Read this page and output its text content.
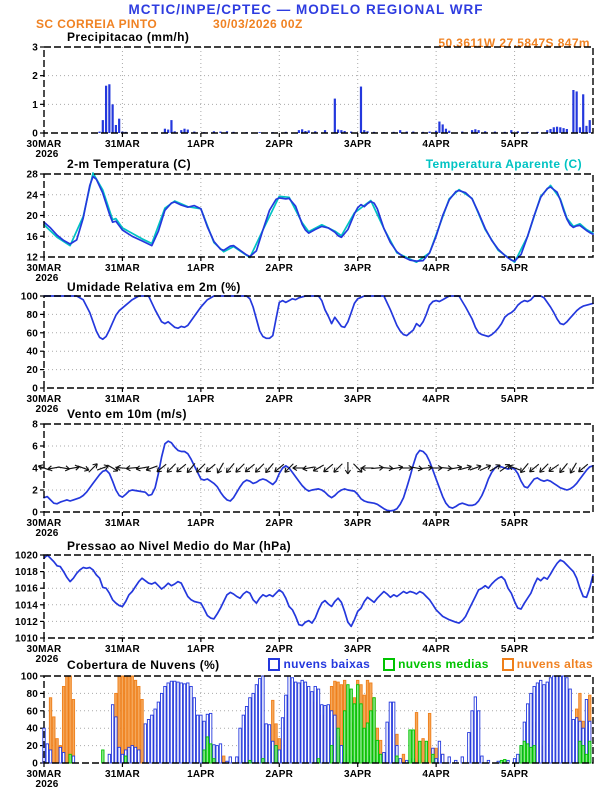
MCTIC/INPE/CPTEC — MODELO REGIONAL WRF
SC CORREIA PINTO	30/03/2026 00Z
50.3611W 27.5847S 847m
Precipitacao (mm/h)
2-m Temperatura (C)	Temperatura Aparente (C)
Umidade Relativa em 2m (%)
Vento em 10m (m/s)
Pressao ao Nivel Medio do Mar (hPa)
Cobertura de Nuvens (%)	nuvens baixas nuvens medias nuvens altas
0
1
2
3
30MAR
2026
31MAR	1APR	2APR	3APR	4APR	5APR
12
16
20
24
28
30MAR
2026
31MAR	1APR	2APR	3APR	4APR	5APR
0
20
40
60
80
100
30MAR
2026
31MAR	1APR	2APR	3APR	4APR	5APR
0
2
4
6
8
30MAR
2026
31MAR	1APR	2APR	3APR	4APR	5APR
1010
1012
1014
1016
1018
1020
30MAR
2026
31MAR	1APR	2APR	3APR	4APR	5APR
0
20
40
60
80
100
30MAR
2026
31MAR	1APR	2APR	3APR	4APR	5APR
